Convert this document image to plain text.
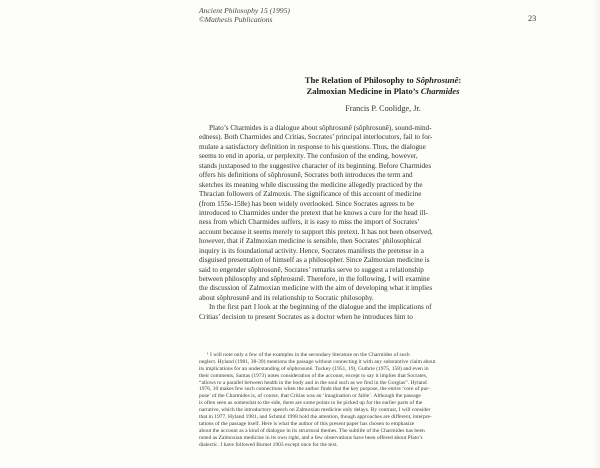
Ancient Philosophy 15 (1995)
©Mathesis Publications	23

The Relation of Philosophy to Sôphrosunê:

Zalmoxian Medicine in Plato’s Charmides

Francis P. Coolidge, Jr.
Plato’s Charmides is a dialogue about sôphrosunê (sôphrosunê), sound-mind-
edness). Both Charmides and Critias, Socrates’ principal interlocutors, fail to for-
mulate a satisfactory definition in response to his questions. Thus, the dialogue
seems to end in aporia, or perplexity. The confusion of the ending, however,
stands juxtaposed to the suggestive character of its beginning. Before Charmides
offers his definitions of sôphrosunê, Socrates both introduces the term and
sketches its meaning while discussing the medicine allegedly practiced by the
Thracian followers of Zalmoxis. The significance of this account of medicine
(from 155e-158e) has been widely overlooked. Since Socrates agrees to be
introduced to Charmides under the pretext that he knows a cure for the head ill-
ness from which Charmides suffers, it is easy to miss the import of Socrates’
account because it seems merely to support this pretext. It has not been observed,
however, that if Zalmoxian medicine is sensible, then Socrates’ philosophical
inquiry is its foundational activity. Hence, Socrates manifests the pretense in a
disguised presentation of himself as a philosopher. Since Zalmoxian medicine is
said to engender sôphrosunê, Socrates’ remarks serve to suggest a relationship
between philosophy and sôphrosunê. Therefore, in the following, I will examine
the discussion of Zalmoxian medicine with the aim of developing what it implies
about sôphrosunê and its relationship to Socratic philosophy.
In the first part I look at the beginning of the dialogue and the implications of
Critias’ decision to present Socrates as a doctor when he introduces him to
¹ I will note only a few of the examples in the secondary literature on the Charmides of such
neglect. Hyland (1981, 38-39) mentions the passage without connecting it with any substantive claim about
its implications for an understanding of sôphrosunê. Tuckey (1951, 19), Guthrie (1975, 158) and even in
their comments, Santas (1973) notes consideration of the account, except to say it implies that Socrates,
“allows to a parallel between health in the body and in the soul such as we find in the Gorgias”. Hyland
1976, 10 makes few such connections when the author finds that the key purpose, the entire ‘core of pur-
pose’ of the Charmides is, of course, that Critias was an ‘imagination or fable’. Although the passage
is often seen as somewhat to the side, there are some points to be picked up for the earlier parts of the
narrative, which the introductory speech on Zalmoxian medicine only delays. By contrast, I will consider
that in 1977, Hyland 1981, and Schmid 1998 hold the attention, though approaches are different, interpre-
tations of the passage itself. Here is what the author of this present paper has chosen to emphasize
about the account as a kind of dialogue in its structural themes. The subtitle of the Charmides has been
noted as Zalmoxian medicine in its own right, and a few observations have been offered about Plato’s
dialectic. I have followed Burnet 1903 except once for the text.
